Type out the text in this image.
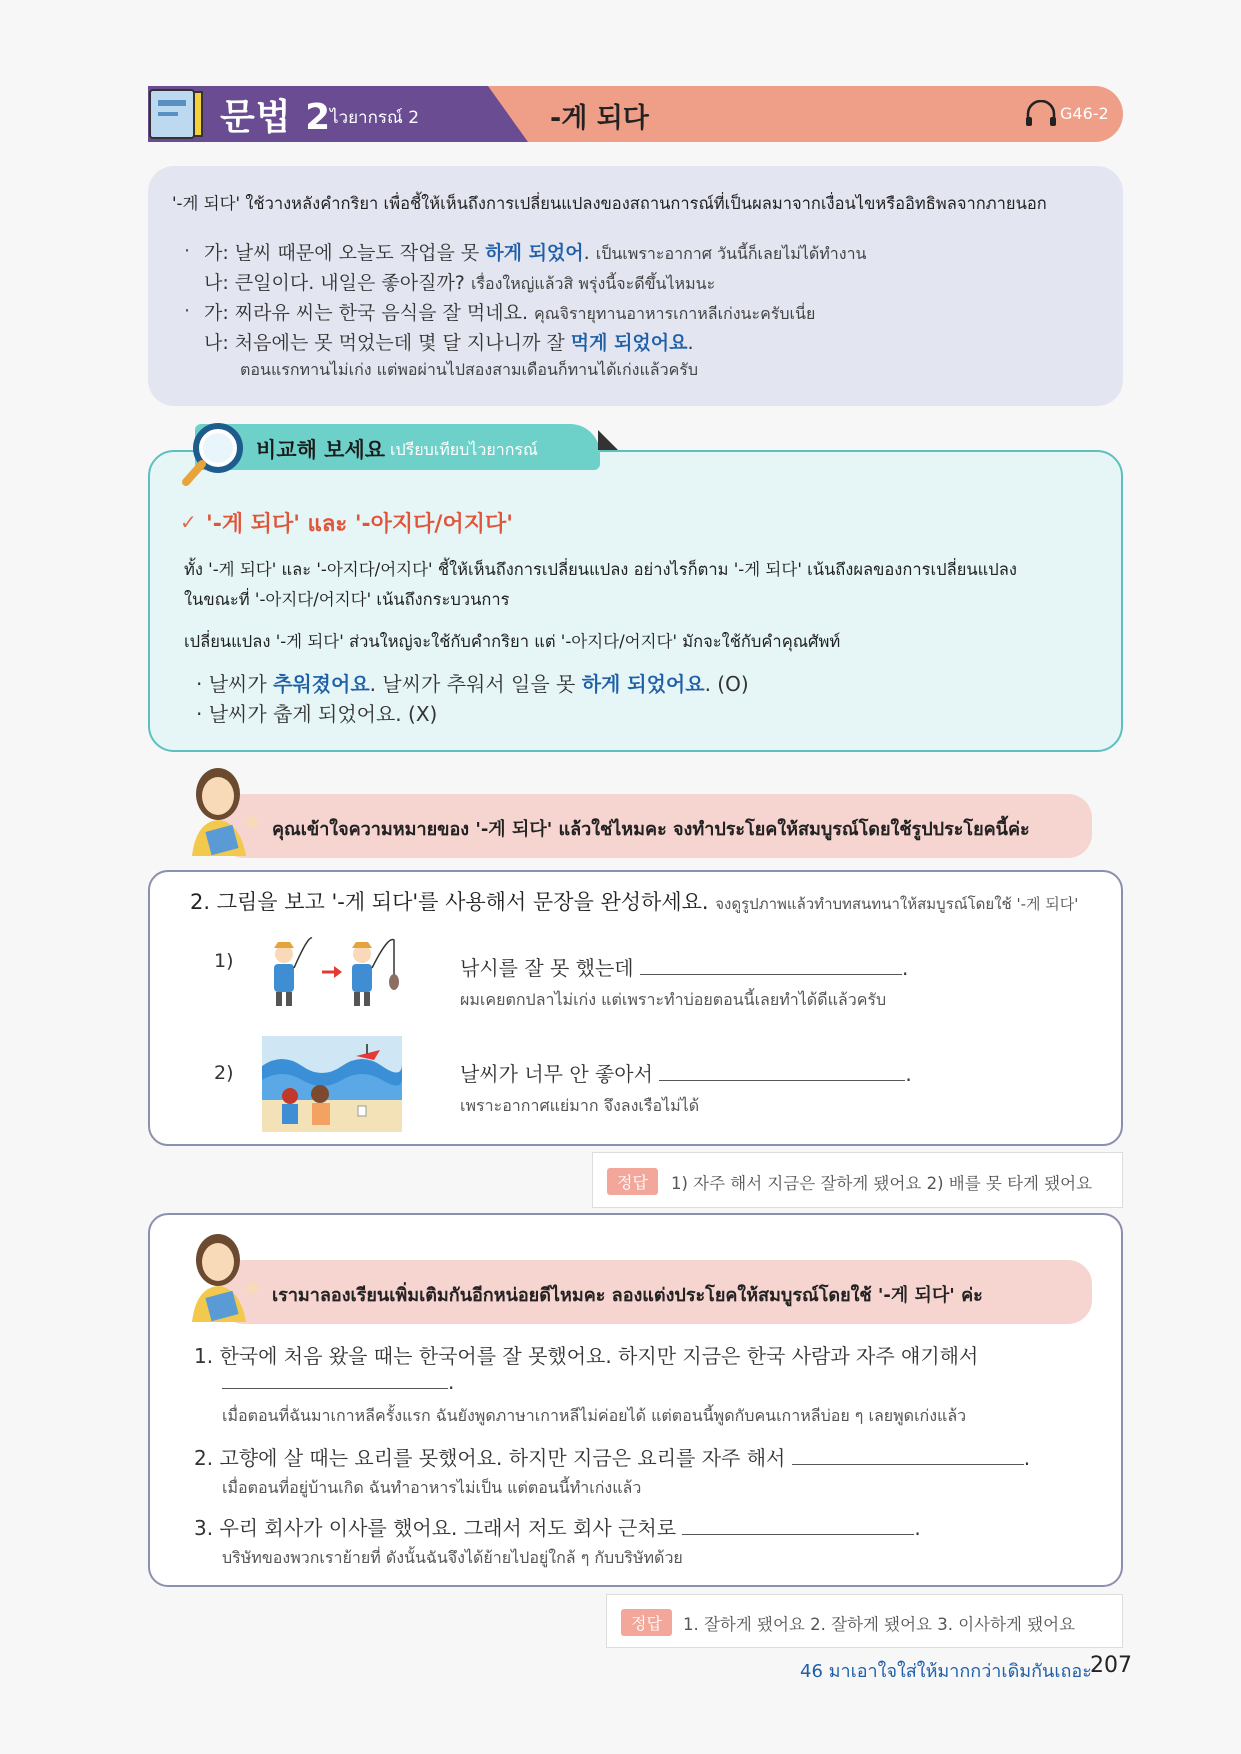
문법 2
ไวยากรณ์ 2	-게 되다	G46-2
'-게 되다' ใช้วางหลังคำกริยา เพื่อชี้ให้เห็นถึงการเปลี่ยนแปลงของสถานการณ์ที่เป็นผลมาจากเงื่อนไขหรืออิทธิพลจากภายนอก
· 가: 날씨 때문에 오늘도 작업을 못 하게 되었어. เป็นเพราะอากาศ วันนี้ก็เลยไม่ได้ทำงาน
나: 큰일이다. 내일은 좋아질까? เรื่องใหญ่แล้วสิ พรุ่งนี้จะดีขึ้นไหมนะ
· 가: 찌라유 씨는 한국 음식을 잘 먹네요. คุณจิรายุทานอาหารเกาหลีเก่งนะครับเนี่ย
나: 처음에는 못 먹었는데 몇 달 지나니까 잘 먹게 되었어요.
ตอนแรกทานไม่เก่ง แต่พอผ่านไปสองสามเดือนก็ทานได้เก่งแล้วครับ
비교해 보세요 เปรียบเทียบไวยากรณ์
✓ '-게 되다' และ '-아지다/어지다'
ทั้ง '-게 되다' และ '-아지다/어지다' ชี้ให้เห็นถึงการเปลี่ยนแปลง อย่างไรก็ตาม '-게 되다' เน้นถึงผลของการเปลี่ยนแปลง
ในขณะที่ '-아지다/어지다' เน้นถึงกระบวนการ
เปลี่ยนแปลง '-게 되다' ส่วนใหญ่จะใช้กับคำกริยา แต่ '-아지다/어지다' มักจะใช้กับคำคุณศัพท์
· 날씨가 추워졌어요. 날씨가 추워서 일을 못 하게 되었어요. (O)
· 날씨가 춥게 되었어요. (X)
คุณเข้าใจความหมายของ '-게 되다' แล้วใช่ไหมคะ จงทำประโยคให้สมบูรณ์โดยใช้รูปประโยคนี้ค่ะ
2. 그림을 보고 '-게 되다'를 사용해서 문장을 완성하세요. จงดูรูปภาพแล้วทำบทสนทนาให้สมบูรณ์โดยใช้ '-게 되다'
1)	낚시를 잘 못 했는데	.
ผมเคยตกปลาไม่เก่ง แต่เพราะทำบ่อยตอนนี้เลยทำได้ดีแล้วครับ
2)	날씨가 너무 안 좋아서	.
เพราะอากาศแย่มาก จึงลงเรือไม่ได้
정답	1) 자주 해서 지금은 잘하게 됐어요 2) 배를 못 타게 됐어요
เรามาลองเรียนเพิ่มเติมกันอีกหน่อยดีไหมคะ ลองแต่งประโยคให้สมบูรณ์โดยใช้ '-게 되다' ค่ะ
1. 한국에 처음 왔을 때는 한국어를 잘 못했어요. 하지만 지금은 한국 사람과 자주 얘기해서
.
เมื่อตอนที่ฉันมาเกาหลีครั้งแรก ฉันยังพูดภาษาเกาหลีไม่ค่อยได้ แต่ตอนนี้พูดกับคนเกาหลีบ่อย ๆ เลยพูดเก่งแล้ว
2. 고향에 살 때는 요리를 못했어요. 하지만 지금은 요리를 자주 해서	.
เมื่อตอนที่อยู่บ้านเกิด ฉันทำอาหารไม่เป็น แต่ตอนนี้ทำเก่งแล้ว
3. 우리 회사가 이사를 했어요. 그래서 저도 회사 근처로	.
บริษัทของพวกเราย้ายที่ ดังนั้นฉันจึงได้ย้ายไปอยู่ใกล้ ๆ กับบริษัทด้วย
정답	1. 잘하게 됐어요 2. 잘하게 됐어요 3. 이사하게 됐어요
46 มาเอาใจใส่ให้มากกว่าเดิมกันเถอะ
207
